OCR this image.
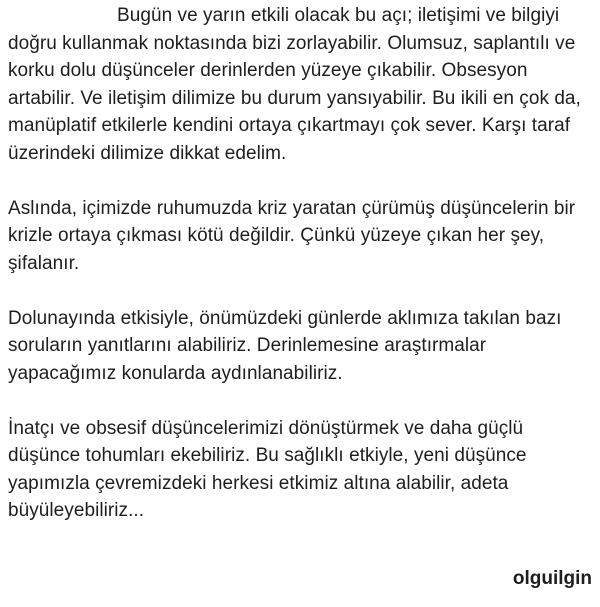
Bugün ve yarın etkili olacak bu açı; iletişimi ve bilgiyi doğru kullanmak noktasında bizi zorlayabilir. Olumsuz, saplantılı ve korku dolu düşünceler derinlerden yüzeye çıkabilir. Obsesyon artabilir. Ve iletişim dilimize bu durum yansıyabilir. Bu ikili en çok da, manüplatif etkilerle kendini ortaya çıkartmayı çok sever. Karşı taraf üzerindeki dilimize dikkat edelim.

Aslında, içimizde ruhumuzda kriz yaratan çürümüş düşüncelerin bir krizle ortaya çıkması kötü değildir. Çünkü yüzeye çıkan her şey, şifalanır.

Dolunayında etkisiyle, önümüzdeki günlerde aklımıza takılan bazı soruların yanıtlarını alabiliriz. Derinlemesine araştırmalar yapacağımız konularda aydınlanabiliriz.

İnatçı ve obsesif düşüncelerimizi dönüştürmek ve daha güçlü düşünce tohumları ekebiliriz. Bu sağlıklı etkiyle, yeni düşünce yapımızla çevremizdeki herkesi etkimiz altına alabilir, adeta büyüleyebiliriz...

olguilgin
